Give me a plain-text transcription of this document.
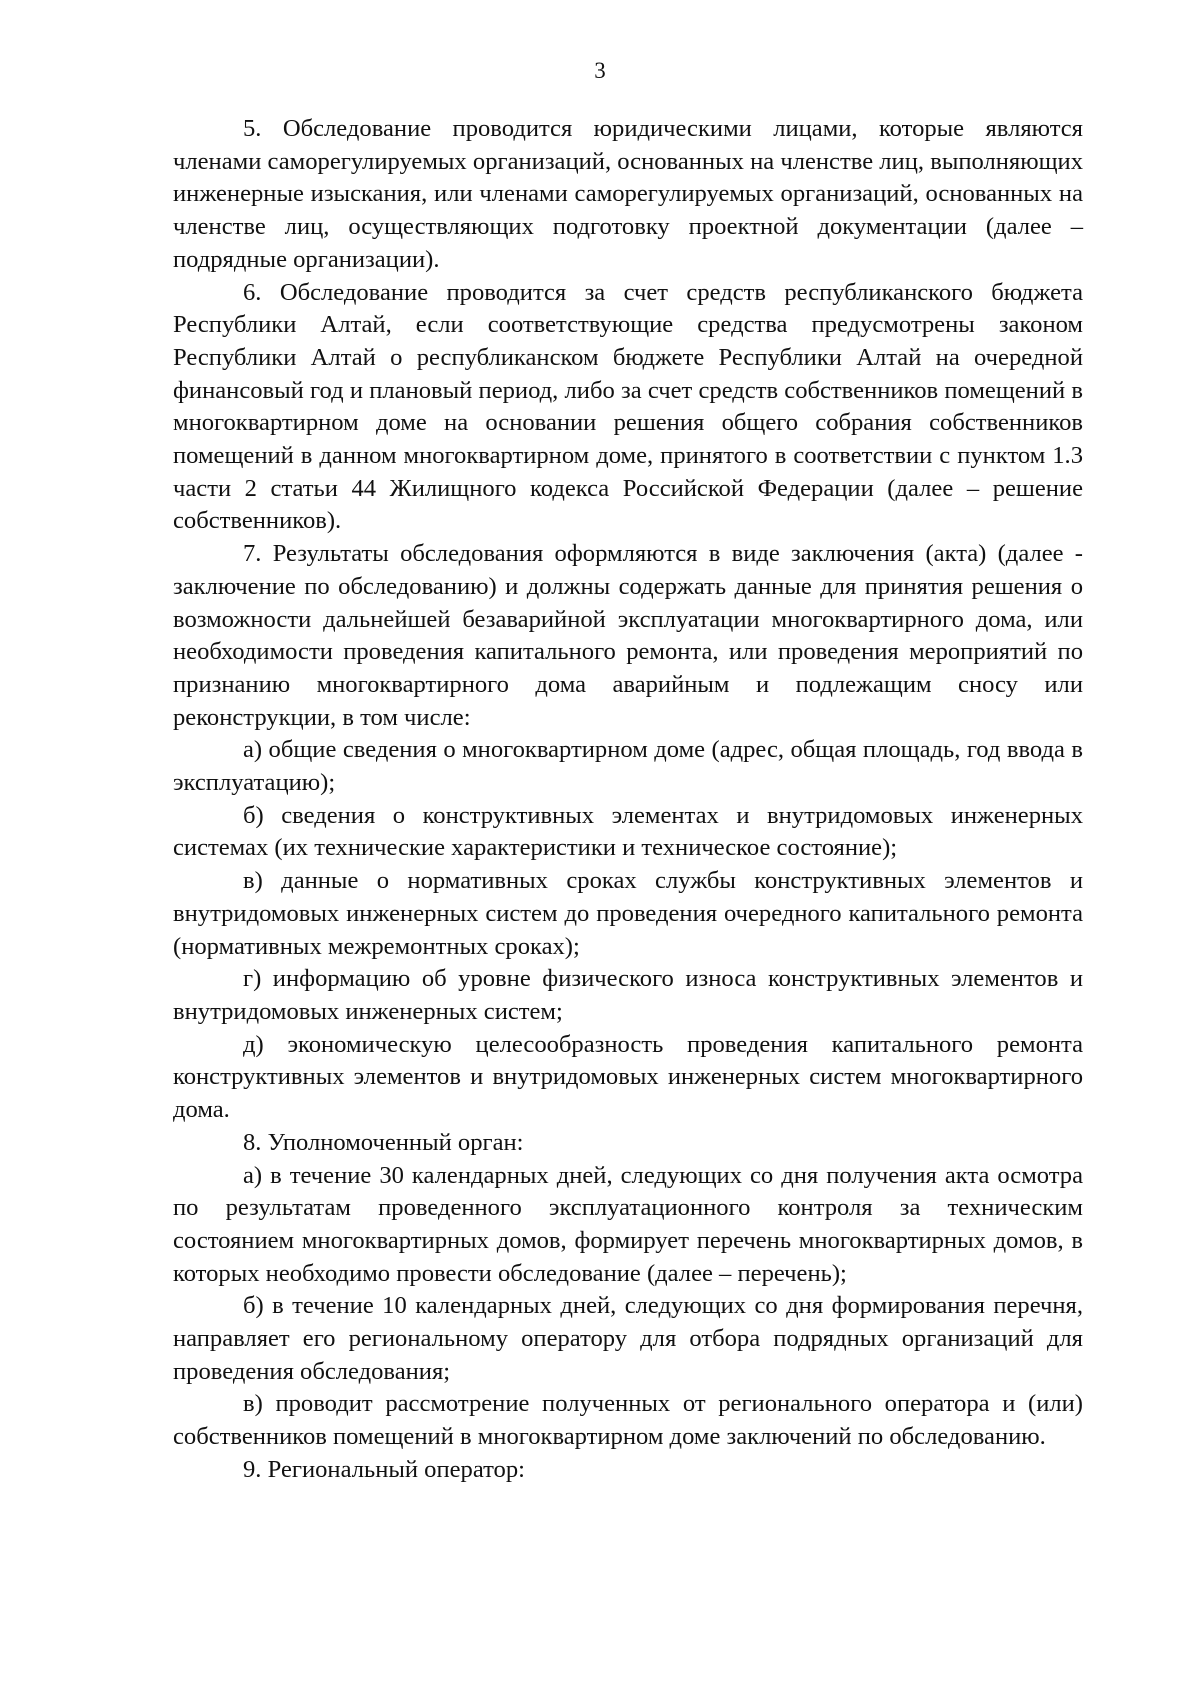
3

5. Обследование проводится юридическими лицами, которые являются членами саморегулируемых организаций, основанных на членстве лиц, выполняющих инженерные изыскания, или членами саморегулируемых организаций, основанных на членстве лиц, осуществляющих подготовку проектной документации (далее – подрядные организации).

6. Обследование проводится за счет средств республиканского бюджета Республики Алтай, если соответствующие средства предусмотрены законом Республики Алтай о республиканском бюджете Республики Алтай на очередной финансовый год и плановый период, либо за счет средств собственников помещений в многоквартирном доме на основании решения общего собрания собственников помещений в данном многоквартирном доме, принятого в соответствии с пунктом 1.3 части 2 статьи 44 Жилищного кодекса Российской Федерации (далее – решение собственников).

7. Результаты обследования оформляются в виде заключения (акта) (далее - заключение по обследованию) и должны содержать данные для принятия решения о возможности дальнейшей безаварийной эксплуатации многоквартирного дома, или необходимости проведения капитального ремонта, или проведения мероприятий по признанию многоквартирного дома аварийным и подлежащим сносу или реконструкции, в том числе:

а) общие сведения о многоквартирном доме (адрес, общая площадь, год ввода в эксплуатацию);

б) сведения о конструктивных элементах и внутридомовых инженерных системах (их технические характеристики и техническое состояние);

в) данные о нормативных сроках службы конструктивных элементов и внутридомовых инженерных систем до проведения очередного капитального ремонта (нормативных межремонтных сроках);

г) информацию об уровне физического износа конструктивных элементов и внутридомовых инженерных систем;

д) экономическую целесообразность проведения капитального ремонта конструктивных элементов и внутридомовых инженерных систем многоквартирного дома.

8. Уполномоченный орган:

а) в течение 30 календарных дней, следующих со дня получения акта осмотра по результатам проведенного эксплуатационного контроля за техническим состоянием многоквартирных домов, формирует перечень многоквартирных домов, в которых необходимо провести обследование (далее – перечень);

б) в течение 10 календарных дней, следующих со дня формирования перечня, направляет его региональному оператору для отбора подрядных организаций для проведения обследования;

в) проводит рассмотрение полученных от регионального оператора и (или) собственников помещений в многоквартирном доме заключений по обследованию.

9. Региональный оператор:
